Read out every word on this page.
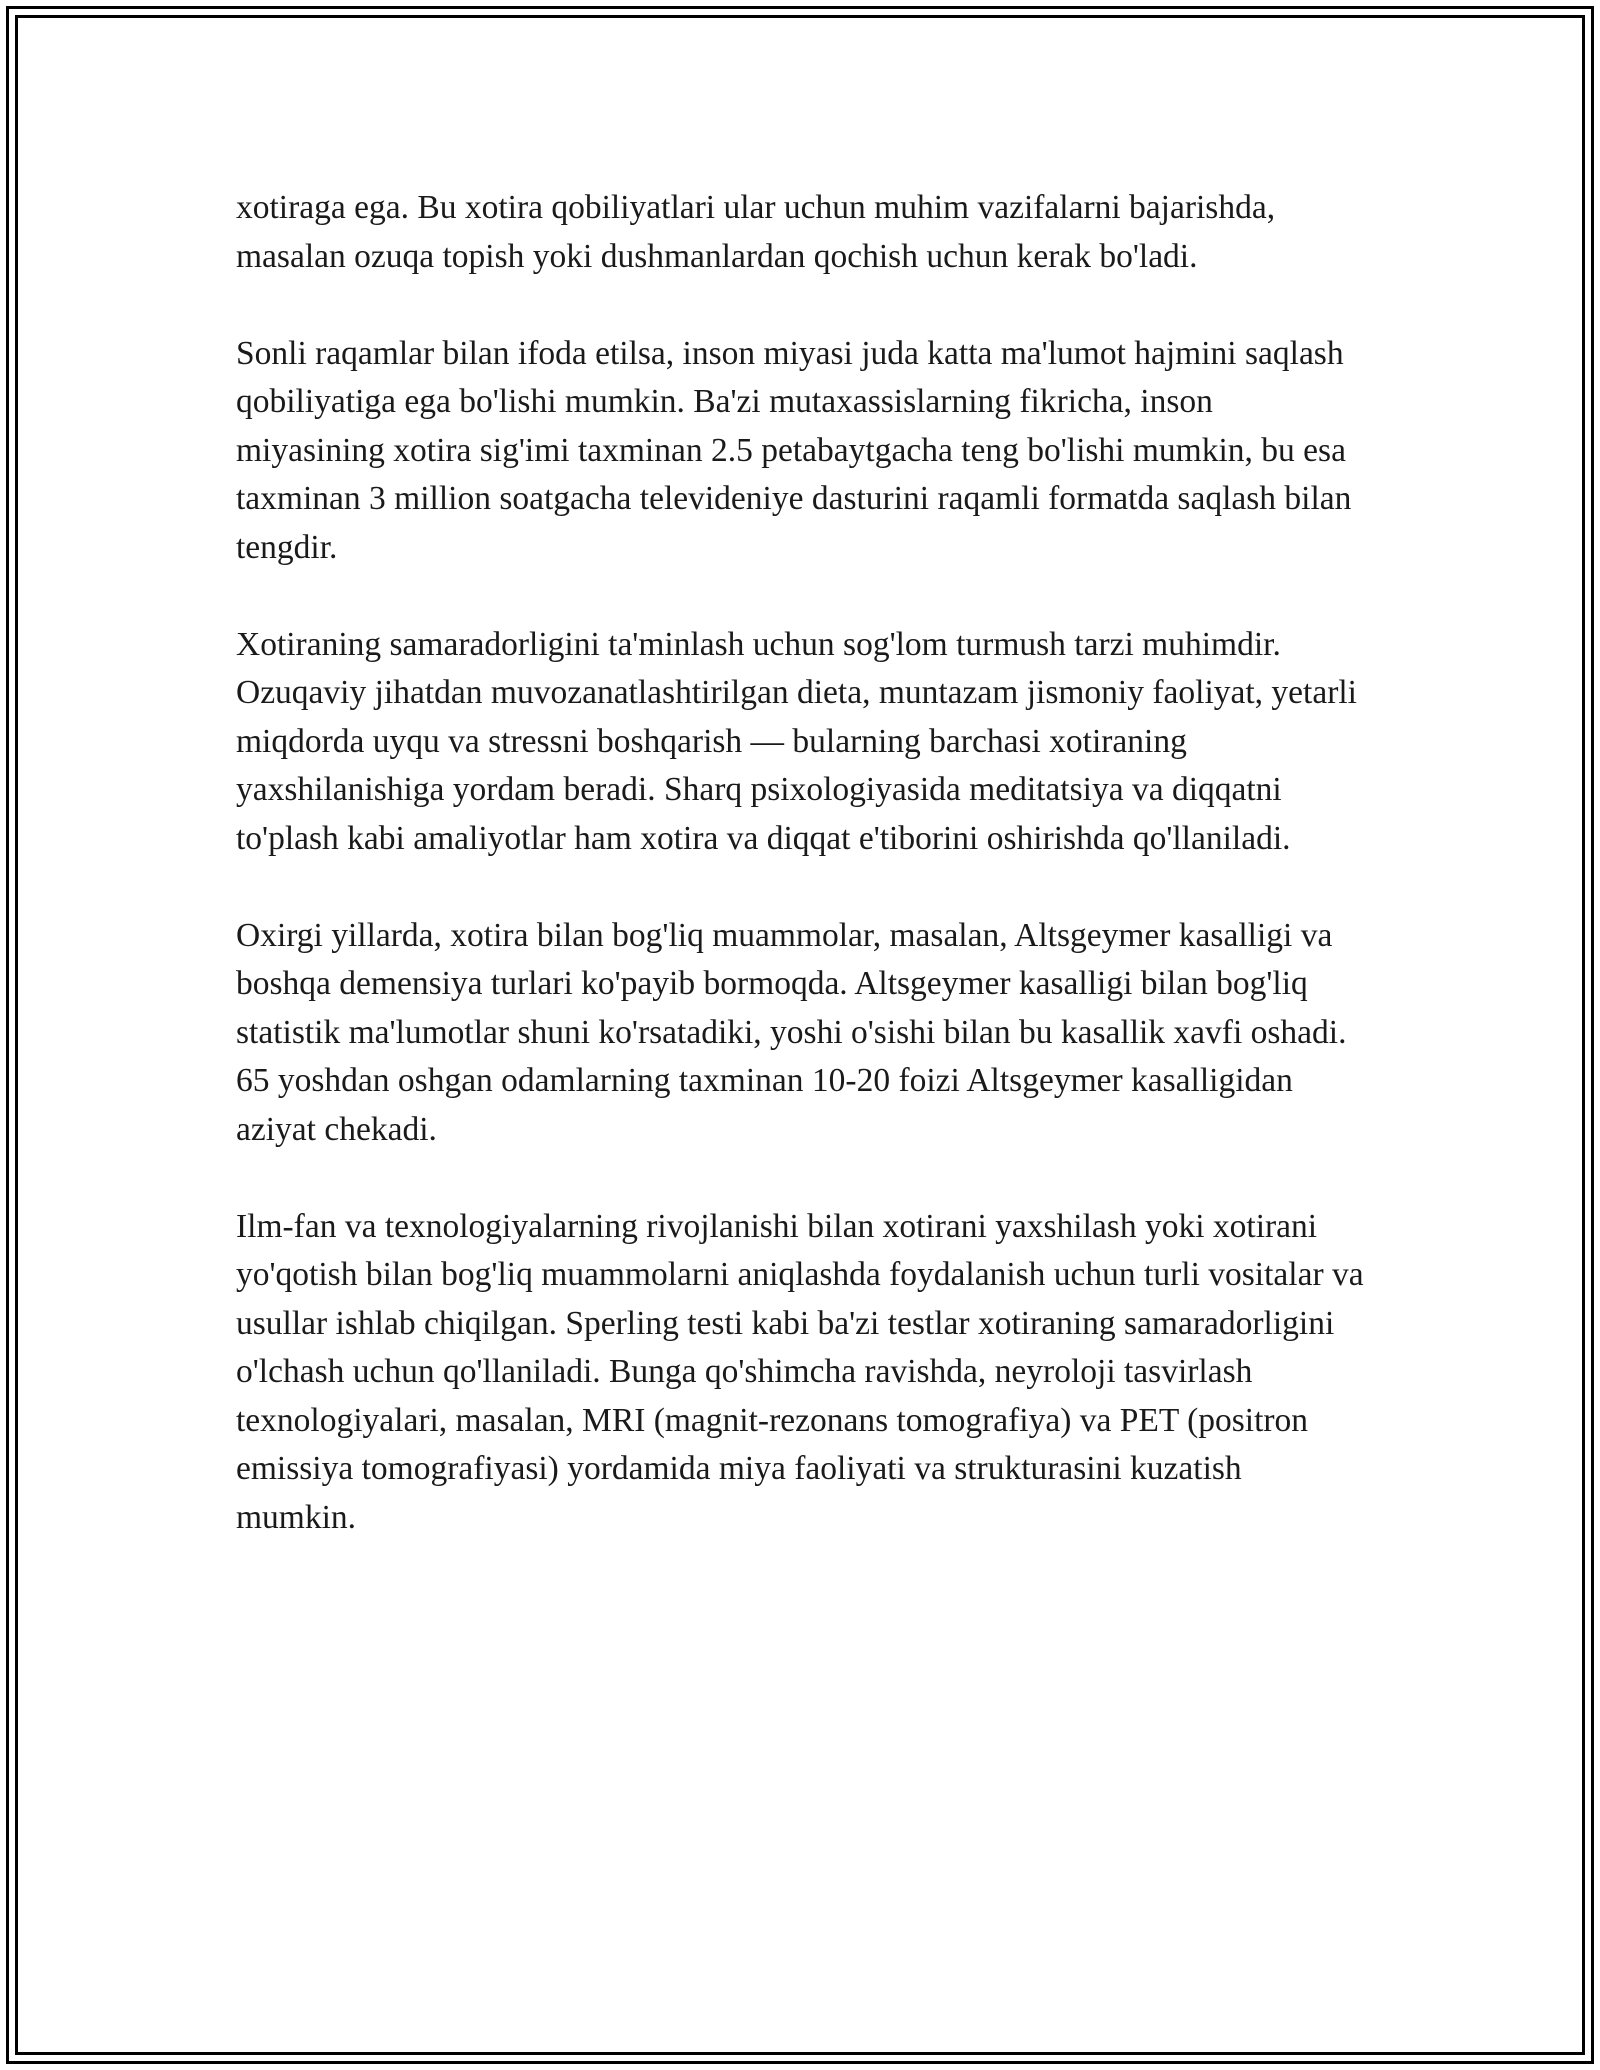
xotiraga ega. Bu xotira qobiliyatlari ular uchun muhim vazifalarni bajarishda, masalan ozuqa topish yoki dushmanlardan qochish uchun kerak bo'ladi.

Sonli raqamlar bilan ifoda etilsa, inson miyasi juda katta ma'lumot hajmini saqlash qobiliyatiga ega bo'lishi mumkin. Ba'zi mutaxassislarning fikricha, inson miyasining xotira sig'imi taxminan 2.5 petabaytgacha teng bo'lishi mumkin, bu esa taxminan 3 million soatgacha televideniye dasturini raqamli formatda saqlash bilan tengdir.

Xotiraning samaradorligini ta'minlash uchun sog'lom turmush tarzi muhimdir. Ozuqaviy jihatdan muvozanatlashtirilgan dieta, muntazam jismoniy faoliyat, yetarli miqdorda uyqu va stressni boshqarish — bularning barchasi xotiraning yaxshilanishiga yordam beradi. Sharq psixologiyasida meditatsiya va diqqatni to'plash kabi amaliyotlar ham xotira va diqqat e'tiborini oshirishda qo'llaniladi.

Oxirgi yillarda, xotira bilan bog'liq muammolar, masalan, Altsgeymer kasalligi va boshqa demensiya turlari ko'payib bormoqda. Altsgeymer kasalligi bilan bog'liq statistik ma'lumotlar shuni ko'rsatadiki, yoshi o'sishi bilan bu kasallik xavfi oshadi. 65 yoshdan oshgan odamlarning taxminan 10-20 foizi Altsgeymer kasalligidan aziyat chekadi.

Ilm-fan va texnologiyalarning rivojlanishi bilan xotirani yaxshilash yoki xotirani yo'qotish bilan bog'liq muammolarni aniqlashda foydalanish uchun turli vositalar va usullar ishlab chiqilgan. Sperling testi kabi ba'zi testlar xotiraning samaradorligini o'lchash uchun qo'llaniladi. Bunga qo'shimcha ravishda, neyroloji tasvirlash texnologiyalari, masalan, MRI (magnit-rezonans tomografiya) va PET (positron emissiya tomografiyasi) yordamida miya faoliyati va strukturasini kuzatish mumkin.
